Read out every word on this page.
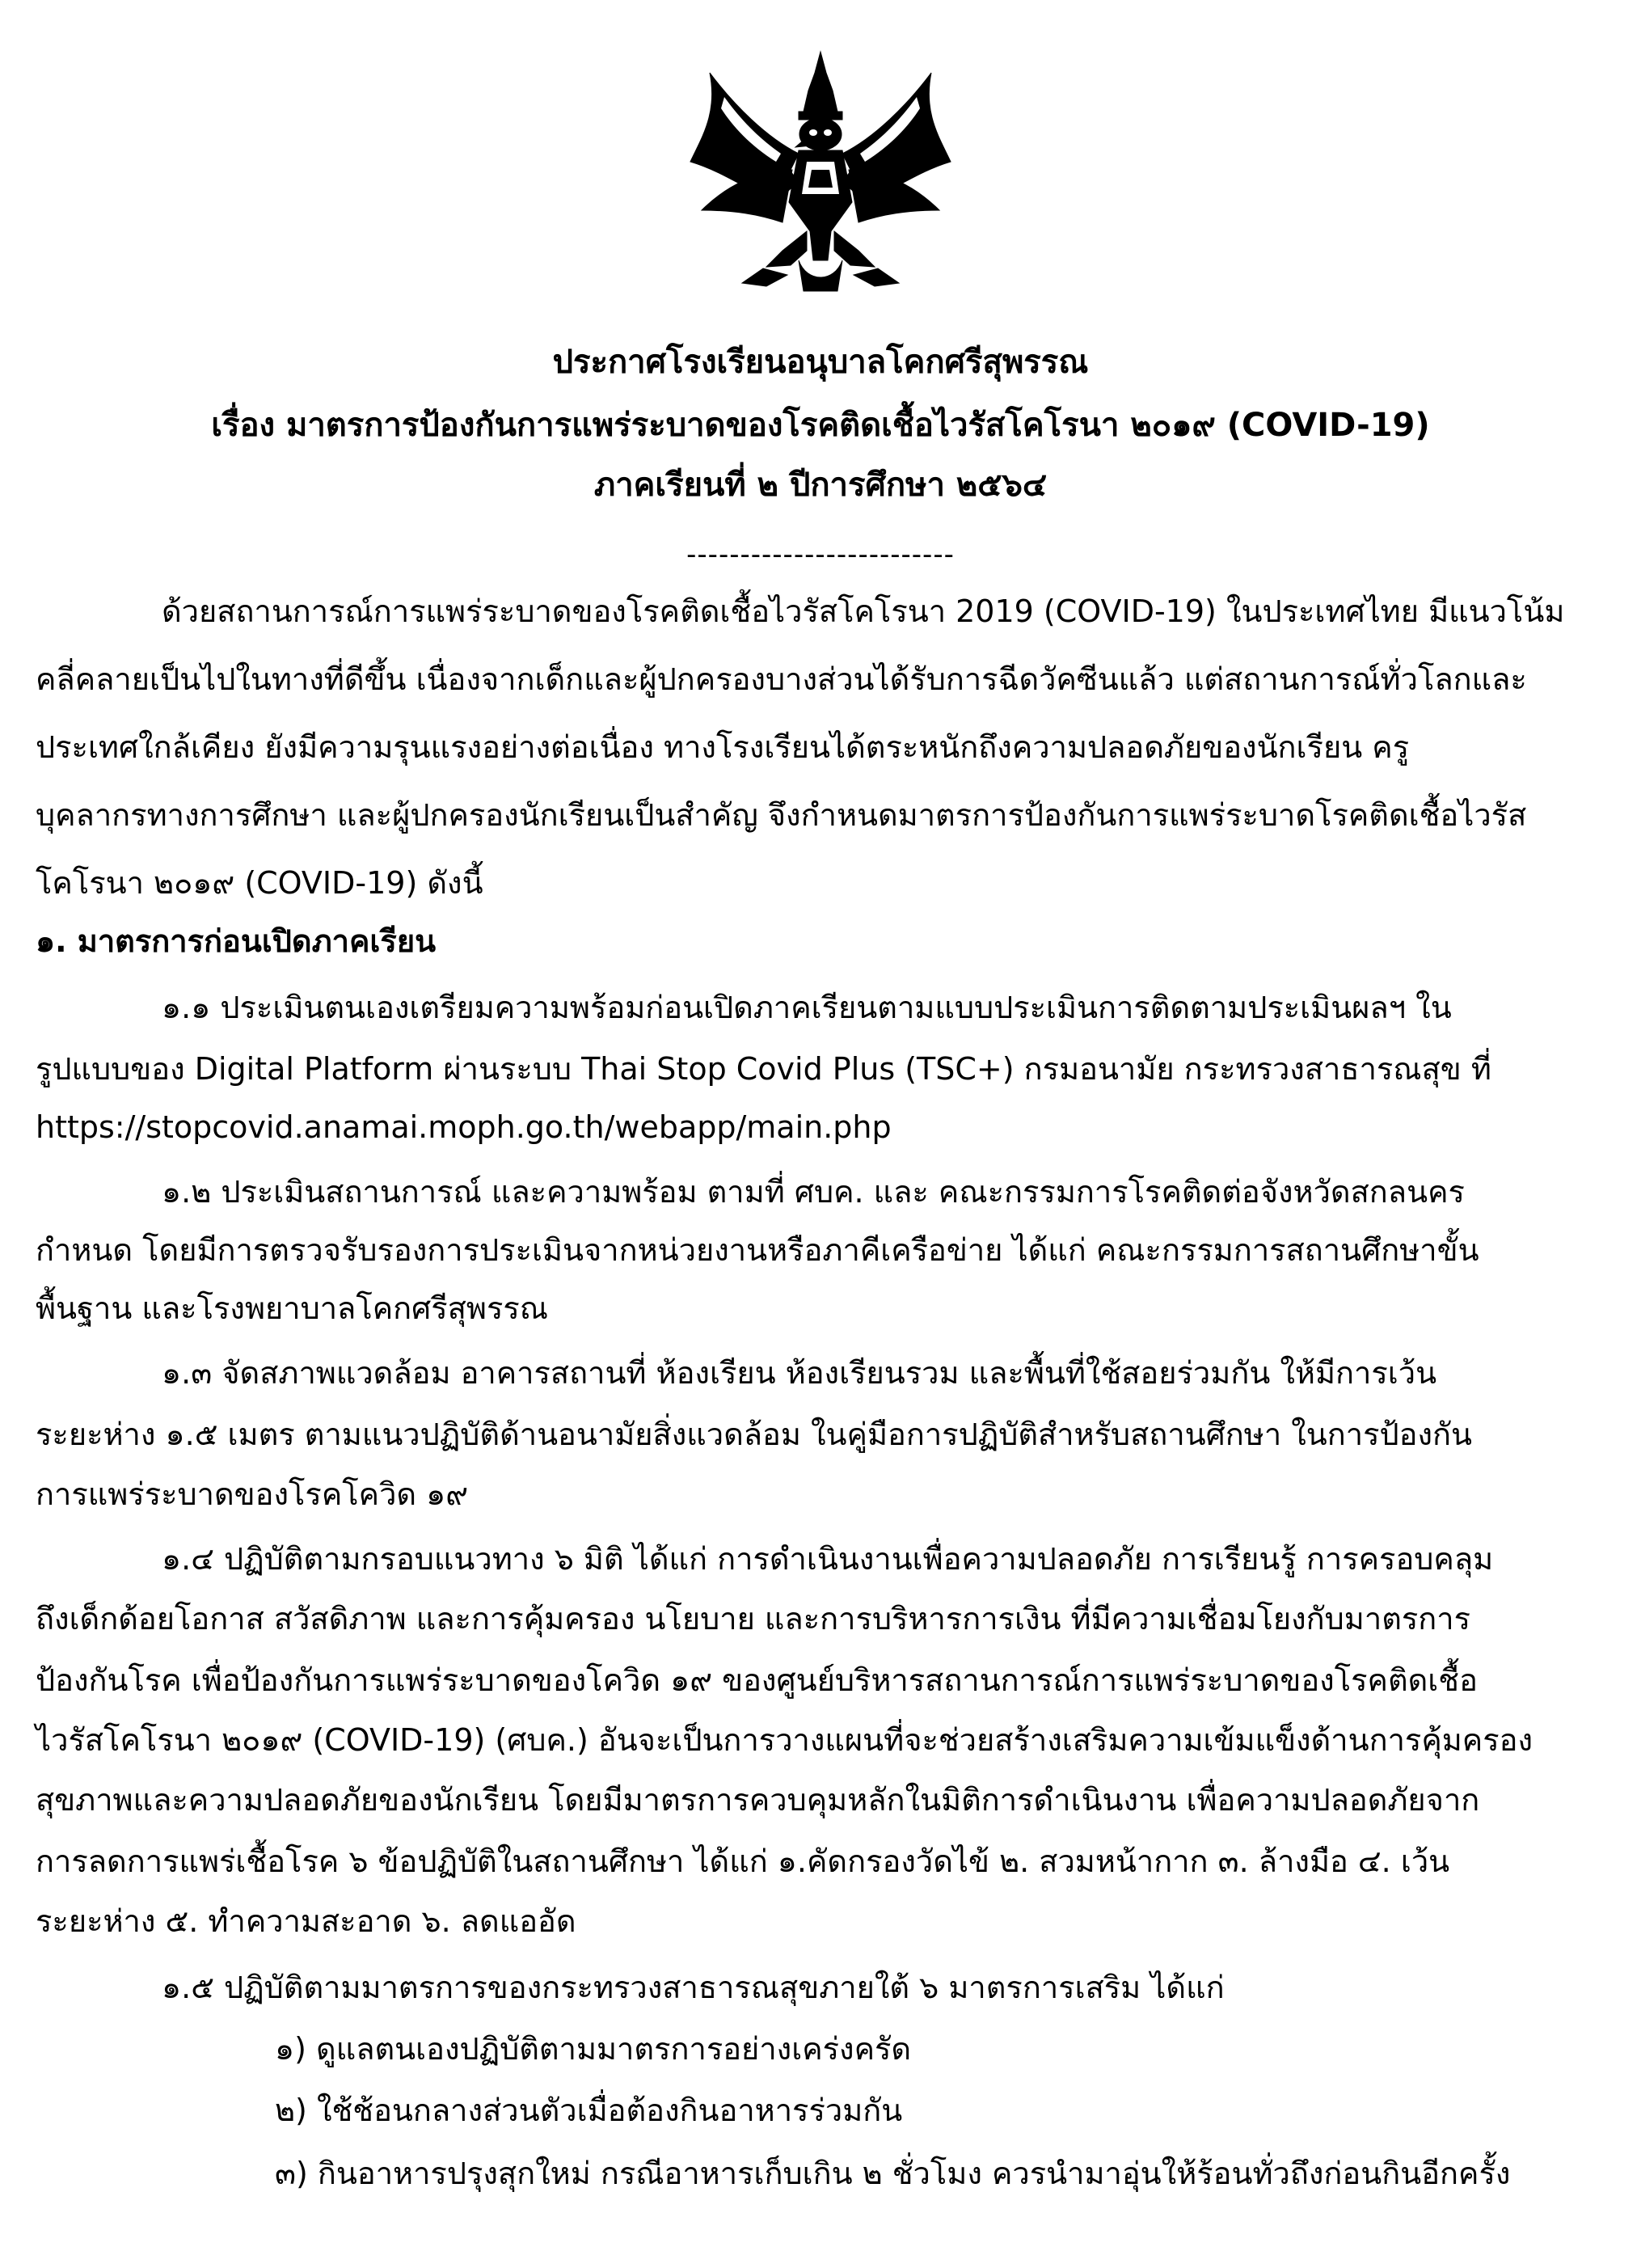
ประกาศโรงเรียนอนุบาลโคกศรีสุพรรณ
เรื่อง มาตรการป้องกันการแพร่ระบาดของโรคติดเชื้อไวรัสโคโรนา ๒๐๑๙ (COVID-19)
ภาคเรียนที่ ๒ ปีการศึกษา ๒๕๖๔
-------------------------
ด้วยสถานการณ์การแพร่ระบาดของโรคติดเชื้อไวรัสโคโรนา 2019 (COVID-19) ในประเทศไทย มีแนวโน้ม
คลี่คลายเป็นไปในทางที่ดีขึ้น เนื่องจากเด็กและผู้ปกครองบางส่วนได้รับการฉีดวัคซีนแล้ว แต่สถานการณ์ทั่วโลกและ
ประเทศใกล้เคียง ยังมีความรุนแรงอย่างต่อเนื่อง ทางโรงเรียนได้ตระหนักถึงความปลอดภัยของนักเรียน ครู
บุคลากรทางการศึกษา และผู้ปกครองนักเรียนเป็นสำคัญ จึงกำหนดมาตรการป้องกันการแพร่ระบาดโรคติดเชื้อไวรัส
โคโรนา ๒๐๑๙ (COVID-19) ดังนี้
๑. มาตรการก่อนเปิดภาคเรียน
๑.๑ ประเมินตนเองเตรียมความพร้อมก่อนเปิดภาคเรียนตามแบบประเมินการติดตามประเมินผลฯ ใน
รูปแบบของ Digital Platform ผ่านระบบ Thai Stop Covid Plus (TSC+) กรมอนามัย กระทรวงสาธารณสุข ที่
https://stopcovid.anamai.moph.go.th/webapp/main.php
๑.๒ ประเมินสถานการณ์ และความพร้อม ตามที่ ศบค. และ คณะกรรมการโรคติดต่อจังหวัดสกลนคร
กำหนด โดยมีการตรวจรับรองการประเมินจากหน่วยงานหรือภาคีเครือข่าย ได้แก่ คณะกรรมการสถานศึกษาขั้น
พื้นฐาน และโรงพยาบาลโคกศรีสุพรรณ
๑.๓ จัดสภาพแวดล้อม อาคารสถานที่ ห้องเรียน ห้องเรียนรวม และพื้นที่ใช้สอยร่วมกัน ให้มีการเว้น
ระยะห่าง ๑.๕ เมตร ตามแนวปฏิบัติด้านอนามัยสิ่งแวดล้อม ในคู่มือการปฏิบัติสำหรับสถานศึกษา ในการป้องกัน
การแพร่ระบาดของโรคโควิด ๑๙
๑.๔ ปฏิบัติตามกรอบแนวทาง ๖ มิติ ได้แก่ การดำเนินงานเพื่อความปลอดภัย การเรียนรู้ การครอบคลุม
ถึงเด็กด้อยโอกาส สวัสดิภาพ และการคุ้มครอง นโยบาย และการบริหารการเงิน ที่มีความเชื่อมโยงกับมาตรการ
ป้องกันโรค เพื่อป้องกันการแพร่ระบาดของโควิด ๑๙ ของศูนย์บริหารสถานการณ์การแพร่ระบาดของโรคติดเชื้อ
ไวรัสโคโรนา ๒๐๑๙ (COVID-19) (ศบค.) อันจะเป็นการวางแผนที่จะช่วยสร้างเสริมความเข้มแข็งด้านการคุ้มครอง
สุขภาพและความปลอดภัยของนักเรียน โดยมีมาตรการควบคุมหลักในมิติการดำเนินงาน เพื่อความปลอดภัยจาก
การลดการแพร่เชื้อโรค ๖ ข้อปฏิบัติในสถานศึกษา ได้แก่ ๑.คัดกรองวัดไข้ ๒. สวมหน้ากาก ๓. ล้างมือ ๔. เว้น
ระยะห่าง ๕. ทำความสะอาด ๖. ลดแออัด
๑.๕ ปฏิบัติตามมาตรการของกระทรวงสาธารณสุขภายใต้ ๖ มาตรการเสริม ได้แก่
๑) ดูแลตนเองปฏิบัติตามมาตรการอย่างเคร่งครัด
๒) ใช้ช้อนกลางส่วนตัวเมื่อต้องกินอาหารร่วมกัน
๓) กินอาหารปรุงสุกใหม่ กรณีอาหารเก็บเกิน ๒ ชั่วโมง ควรนำมาอุ่นให้ร้อนทั่วถึงก่อนกินอีกครั้ง
